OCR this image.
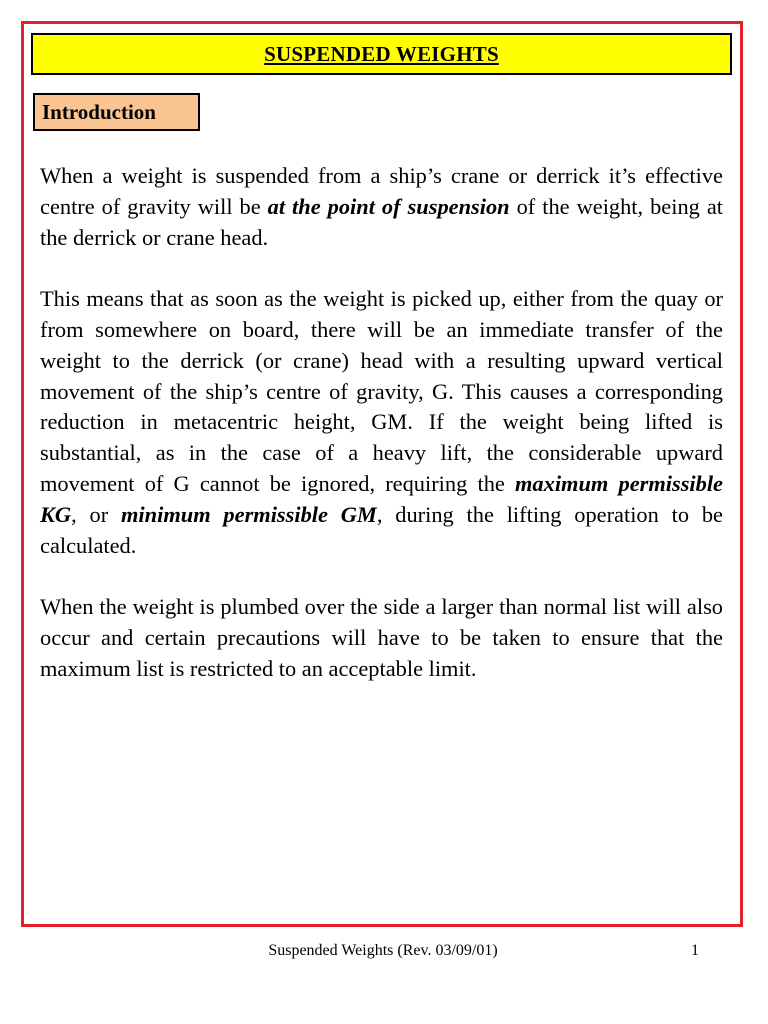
SUSPENDED WEIGHTS
Introduction

When a weight is suspended from a ship’s crane or derrick it’s effective centre of gravity will be at the point of suspension of the weight, being at the derrick or crane head.

This means that as soon as the weight is picked up, either from the quay or from somewhere on board, there will be an immediate transfer of the weight to the derrick (or crane) head with a resulting upward vertical movement of the ship’s centre of gravity, G. This causes a corresponding reduction in metacentric height, GM. If the weight being lifted is substantial, as in the case of a heavy lift, the considerable upward movement of G cannot be ignored, requiring the maximum permissible KG, or minimum permissible GM, during the lifting operation to be calculated.

When the weight is plumbed over the side a larger than normal list will also occur and certain precautions will have to be taken to ensure that the maximum list is restricted to an acceptable limit.

Suspended Weights (Rev. 03/09/01)	1
